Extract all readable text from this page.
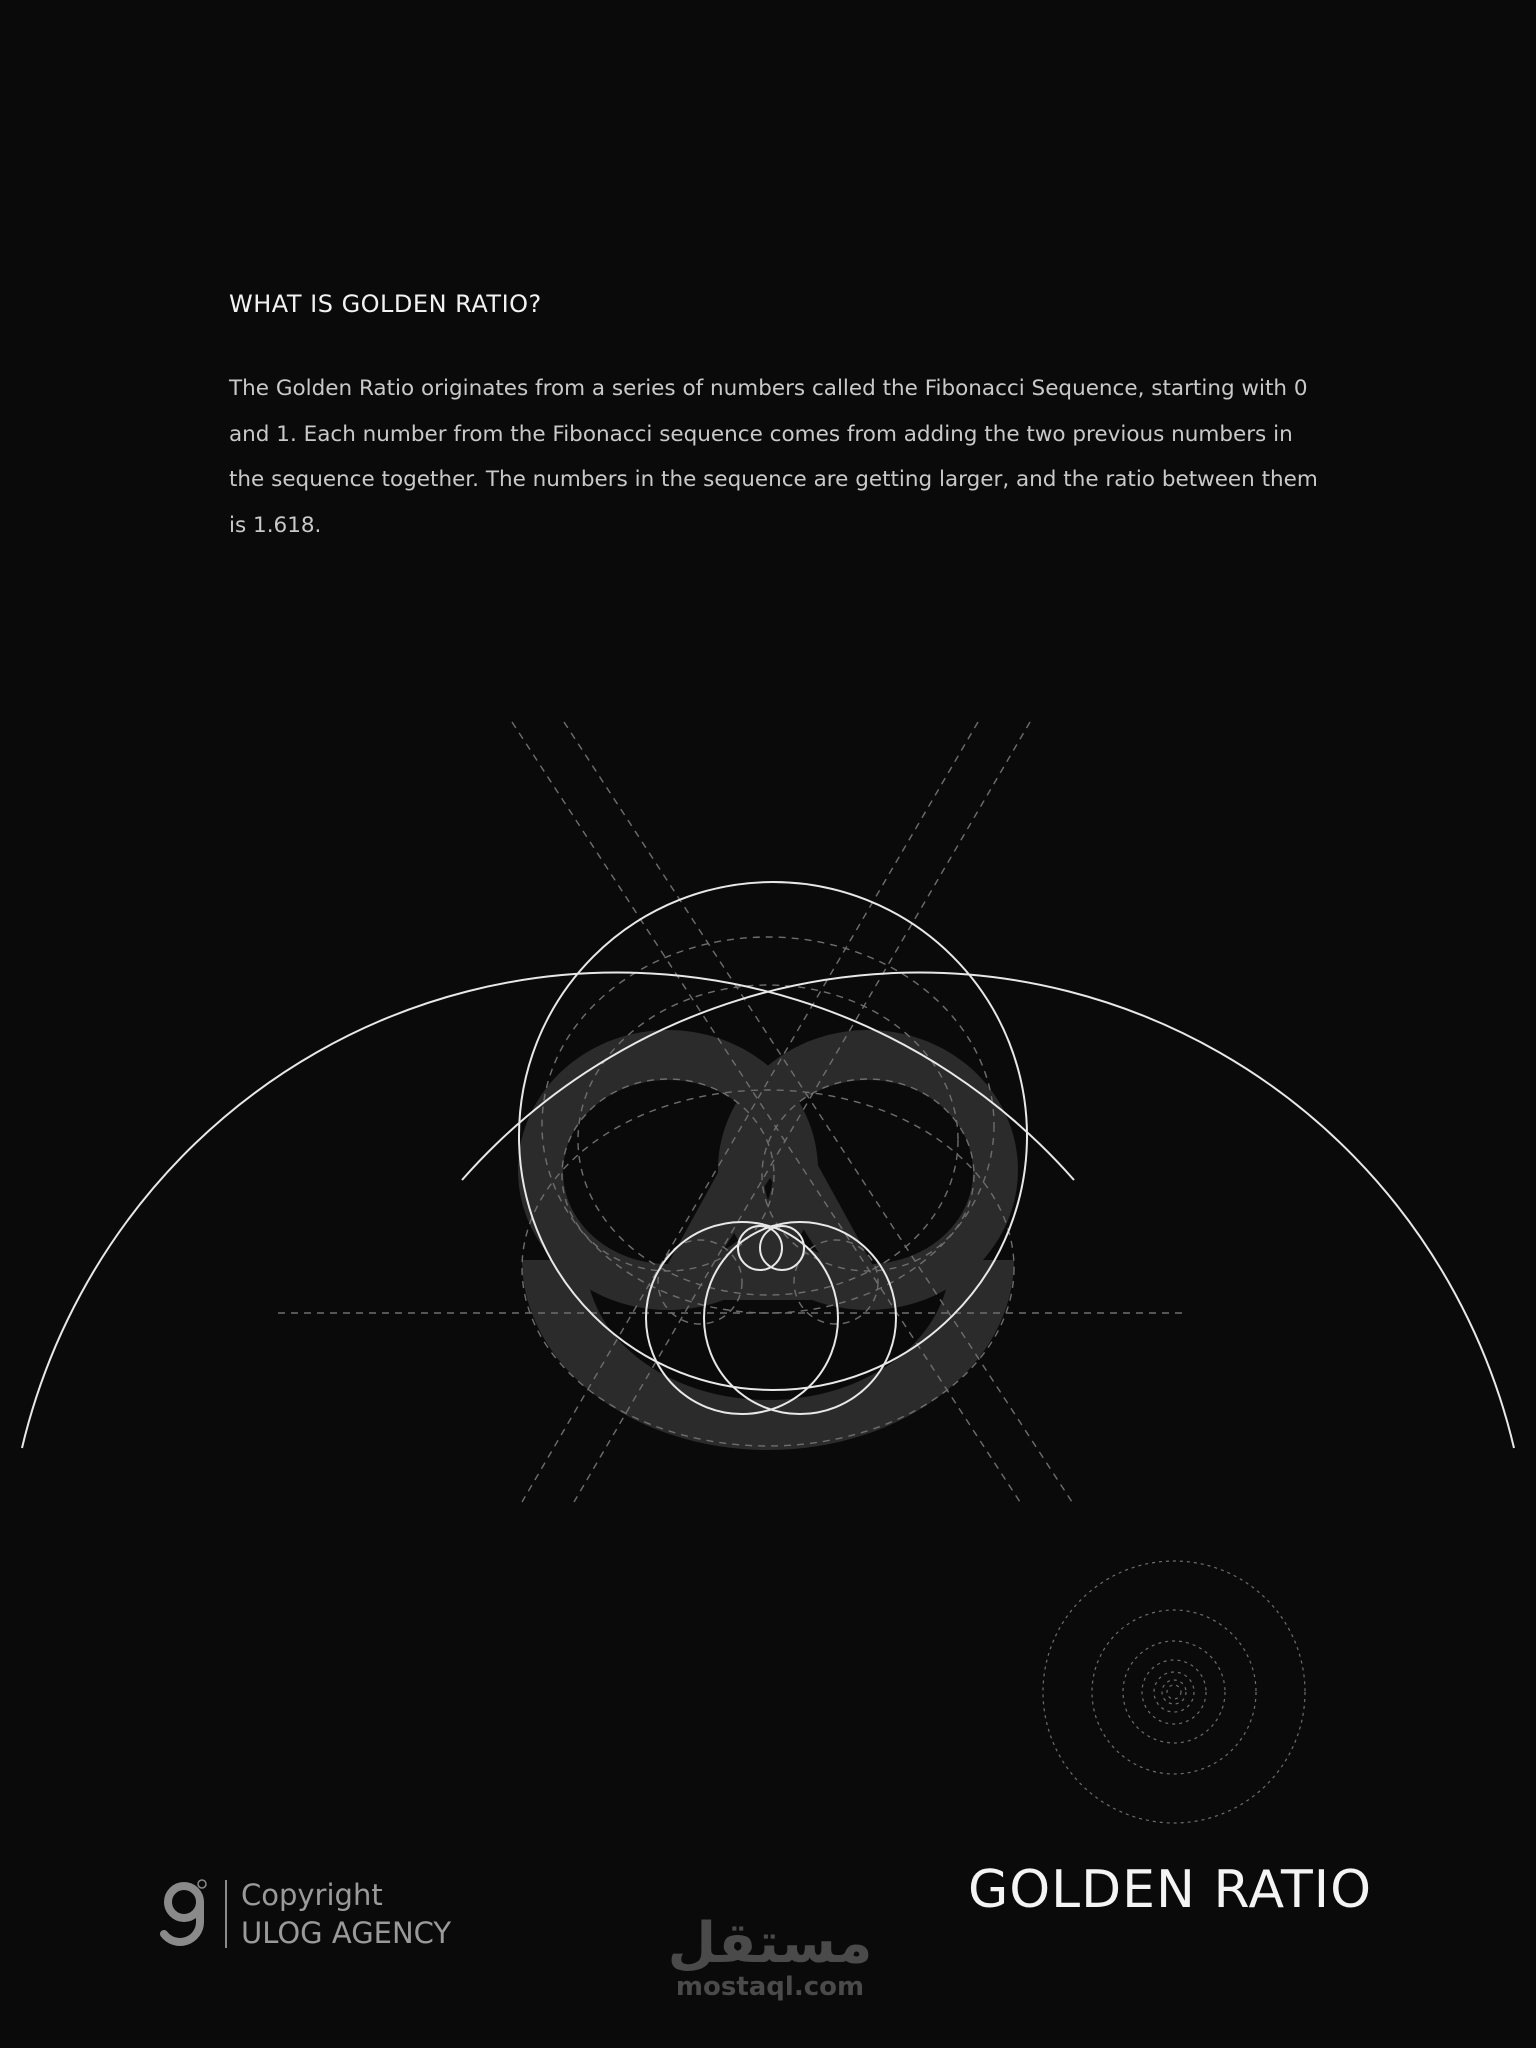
WHAT IS GOLDEN RATIO?

The Golden Ratio originates from a series of numbers called the Fibonacci Sequence, starting with 0 and 1. Each number from the Fibonacci sequence comes from adding the two previous numbers in the sequence together. The numbers in the sequence are getting larger, and the ratio between them is 1.618.

Copyright
ULOG AGENCY	مستقل
mostaql.com
GOLDEN RATIO
